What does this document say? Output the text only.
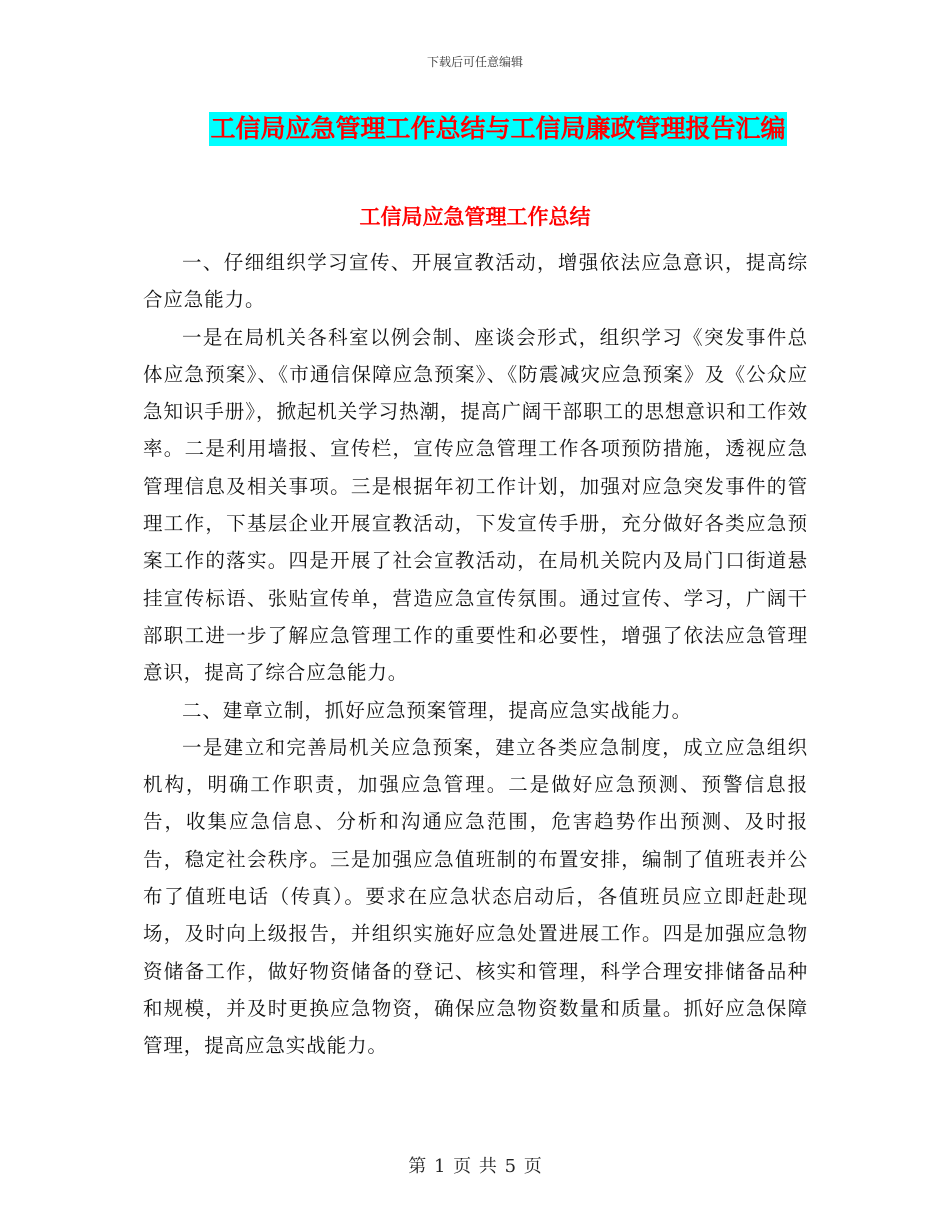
下载后可任意编辑
工信局应急管理工作总结与工信局廉政管理报告汇编
工信局应急管理工作总结

一、仔细组织学习宣传、开展宣教活动，增强依法应急意识，提高综合应急能力。

一是在局机关各科室以例会制、座谈会形式，组织学习《突发事件总体应急预案》、《市通信保障应急预案》、《防震减灾应急预案》及《公众应急知识手册》，掀起机关学习热潮，提高广阔干部职工的思想意识和工作效率。二是利用墙报、宣传栏，宣传应急管理工作各项预防措施，透视应急管理信息及相关事项。三是根据年初工作计划，加强对应急突发事件的管理工作，下基层企业开展宣教活动，下发宣传手册，充分做好各类应急预案工作的落实。四是开展了社会宣教活动，在局机关院内及局门口街道悬挂宣传标语、张贴宣传单，营造应急宣传氛围。通过宣传、学习，广阔干部职工进一步了解应急管理工作的重要性和必要性，增强了依法应急管理意识，提高了综合应急能力。

二、建章立制，抓好应急预案管理，提高应急实战能力。

一是建立和完善局机关应急预案，建立各类应急制度，成立应急组织机构，明确工作职责，加强应急管理。二是做好应急预测、预警信息报告，收集应急信息、分析和沟通应急范围，危害趋势作出预测、及时报告，稳定社会秩序。三是加强应急值班制的布置安排，编制了值班表并公布了值班电话（传真）。要求在应急状态启动后，各值班员应立即赶赴现场，及时向上级报告，并组织实施好应急处置进展工作。四是加强应急物资储备工作，做好物资储备的登记、核实和管理，科学合理安排储备品种和规模，并及时更换应急物资，确保应急物资数量和质量。抓好应急保障管理，提高应急实战能力。

第 1 页 共 5 页
